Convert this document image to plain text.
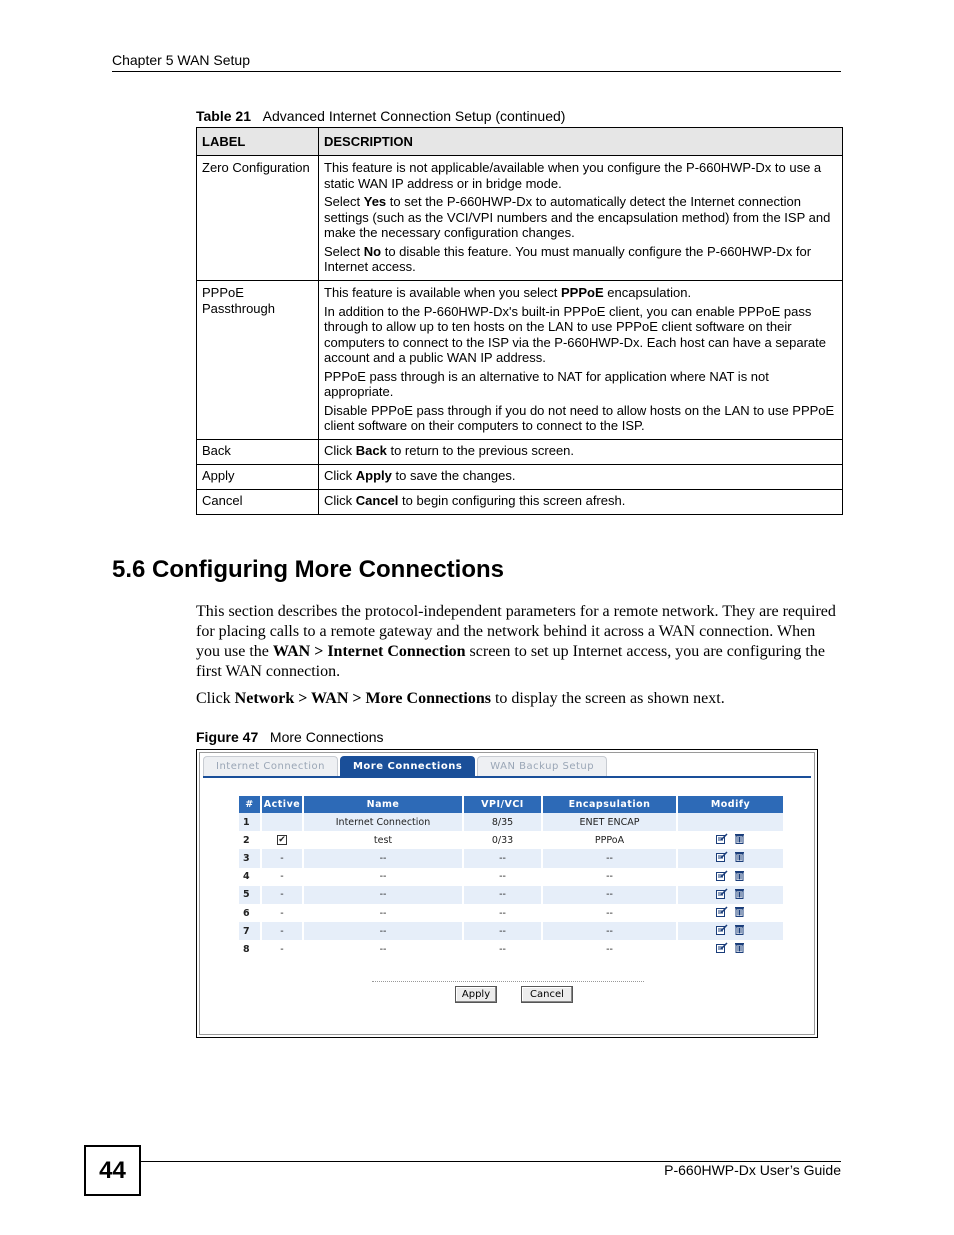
Chapter 5 WAN Setup
Table 21 Advanced Internet Connection Setup (continued)
LABEL	DESCRIPTION
Zero Configuration	This feature is not applicable/available when you configure the P-660HWP-Dx to use a static WAN IP address or in bridge mode.

Select Yes to set the P-660HWP-Dx to automatically detect the Internet connection settings (such as the VCI/VPI numbers and the encapsulation method) from the ISP and make the necessary configuration changes.

Select No to disable this feature. You must manually configure the P-660HWP-Dx for Internet access.

PPPoE Passthrough	This feature is available when you select PPPoE encapsulation.

In addition to the P-660HWP-Dx's built-in PPPoE client, you can enable PPPoE pass through to allow up to ten hosts on the LAN to use PPPoE client software on their computers to connect to the ISP via the P-660HWP-Dx. Each host can have a separate account and a public WAN IP address.

PPPoE pass through is an alternative to NAT for application where NAT is not appropriate.

Disable PPPoE pass through if you do not need to allow hosts on the LAN to use PPPoE client software on their computers to connect to the ISP.

Back	Click Back to return to the previous screen.
Apply	Click Apply to save the changes.
Cancel	Click Cancel to begin configuring this screen afresh.
5.6 Configuring More Connections
This section describes the protocol-independent parameters for a remote network. They are required for placing calls to a remote gateway and the network behind it across a WAN connection. When you use the WAN > Internet Connection screen to set up Internet access, you are configuring the first WAN connection.
Click Network > WAN > More Connections to display the screen as shown next.
Figure 47 More Connections
Internet Connection	More Connections	WAN Backup Setup
#	Active	Name	VPI/VCI	Encapsulation	Modify
1		Internet Connection	8/35	ENET ENCAP	
2	✔	test	0/33	PPPoA	

3	-	--	--	--	

4	-	--	--	--	

5	-	--	--	--	

6	-	--	--	--	

7	-	--	--	--	

8	-	--	--	--	
Apply	Cancel
44	P-660HWP-Dx User’s Guide
